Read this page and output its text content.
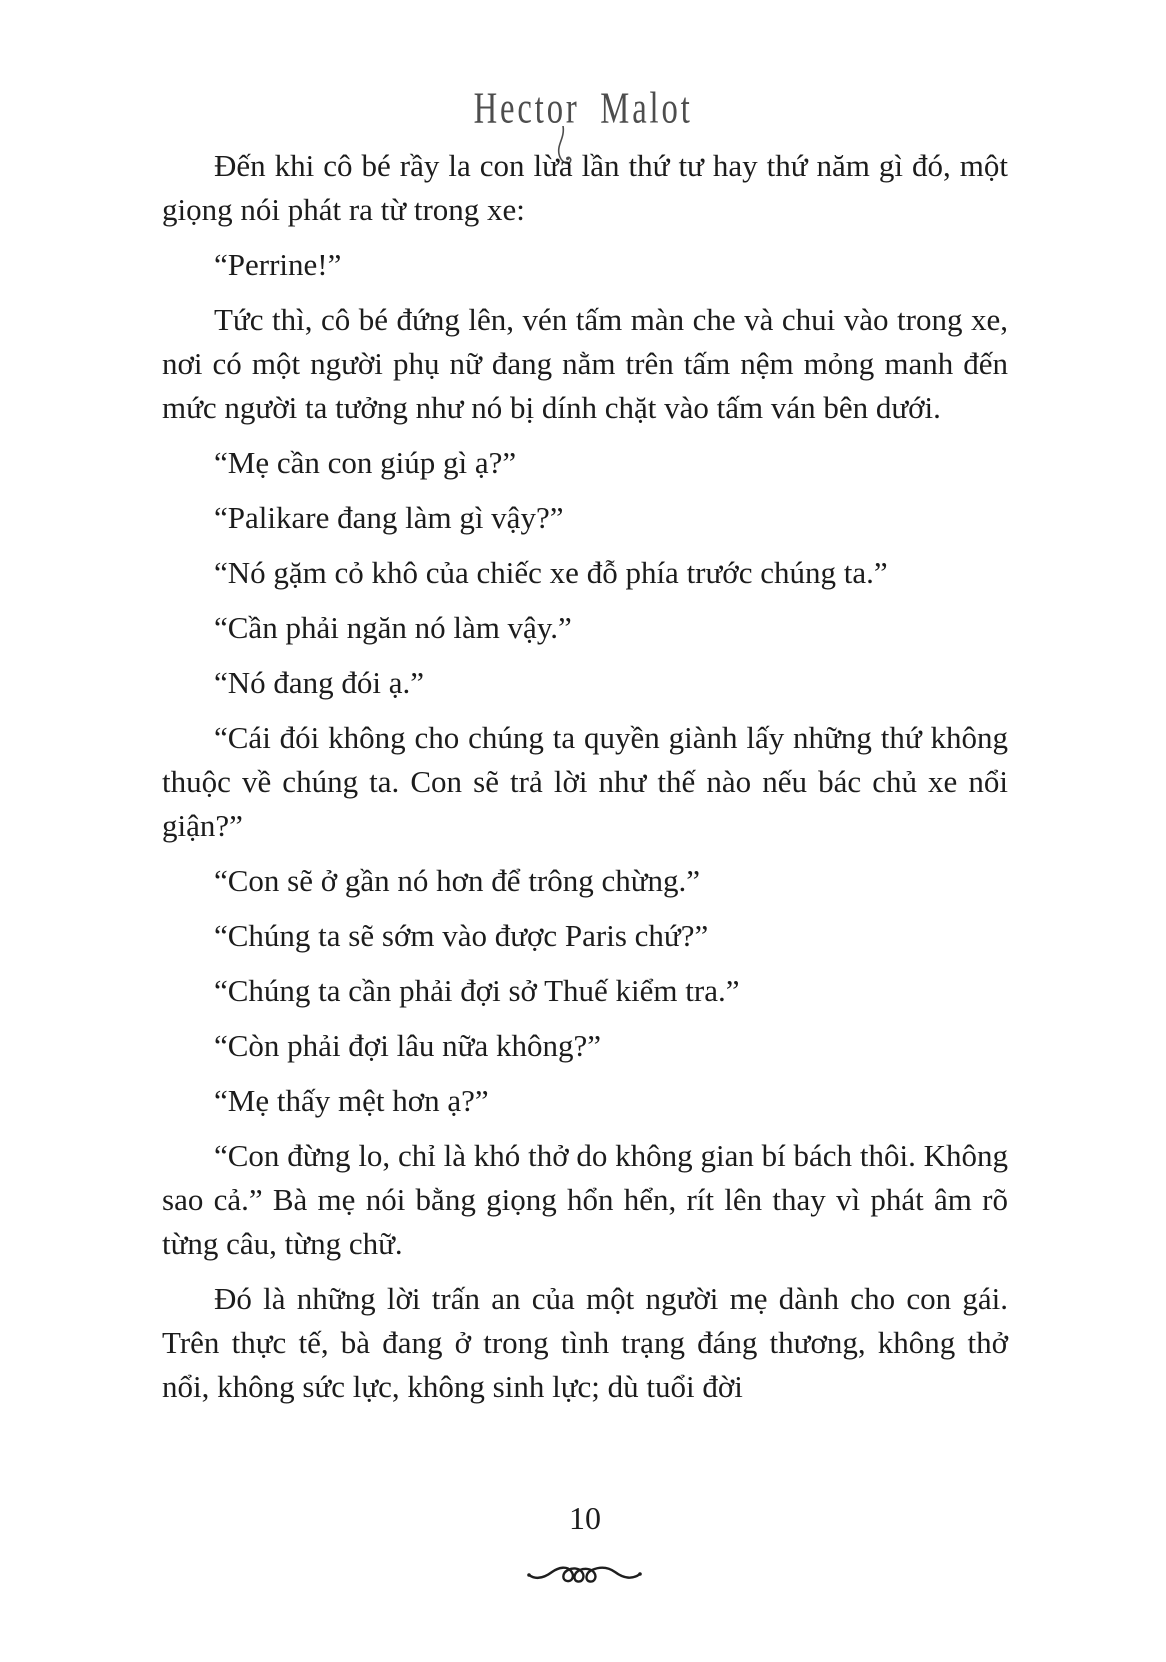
Hector Malot

Đến khi cô bé rầy la con lừa lần thứ tư hay thứ năm gì đó, một giọng nói phát ra từ trong xe:

“Perrine!”

Tức thì, cô bé đứng lên, vén tấm màn che và chui vào trong xe, nơi có một người phụ nữ đang nằm trên tấm nệm mỏng manh đến mức người ta tưởng như nó bị dính chặt vào tấm ván bên dưới.

“Mẹ cần con giúp gì ạ?”

“Palikare đang làm gì vậy?”

“Nó gặm cỏ khô của chiếc xe đỗ phía trước chúng ta.”

“Cần phải ngăn nó làm vậy.”

“Nó đang đói ạ.”

“Cái đói không cho chúng ta quyền giành lấy những thứ không thuộc về chúng ta. Con sẽ trả lời như thế nào nếu bác chủ xe nổi giận?”

“Con sẽ ở gần nó hơn để trông chừng.”

“Chúng ta sẽ sớm vào được Paris chứ?”

“Chúng ta cần phải đợi sở Thuế kiểm tra.”

“Còn phải đợi lâu nữa không?”

“Mẹ thấy mệt hơn ạ?”

“Con đừng lo, chỉ là khó thở do không gian bí bách thôi. Không sao cả.” Bà mẹ nói bằng giọng hổn hển, rít lên thay vì phát âm rõ từng câu, từng chữ.

Đó là những lời trấn an của một người mẹ dành cho con gái. Trên thực tế, bà đang ở trong tình trạng đáng thương, không thở nổi, không sức lực, không sinh lực; dù tuổi đời

10
